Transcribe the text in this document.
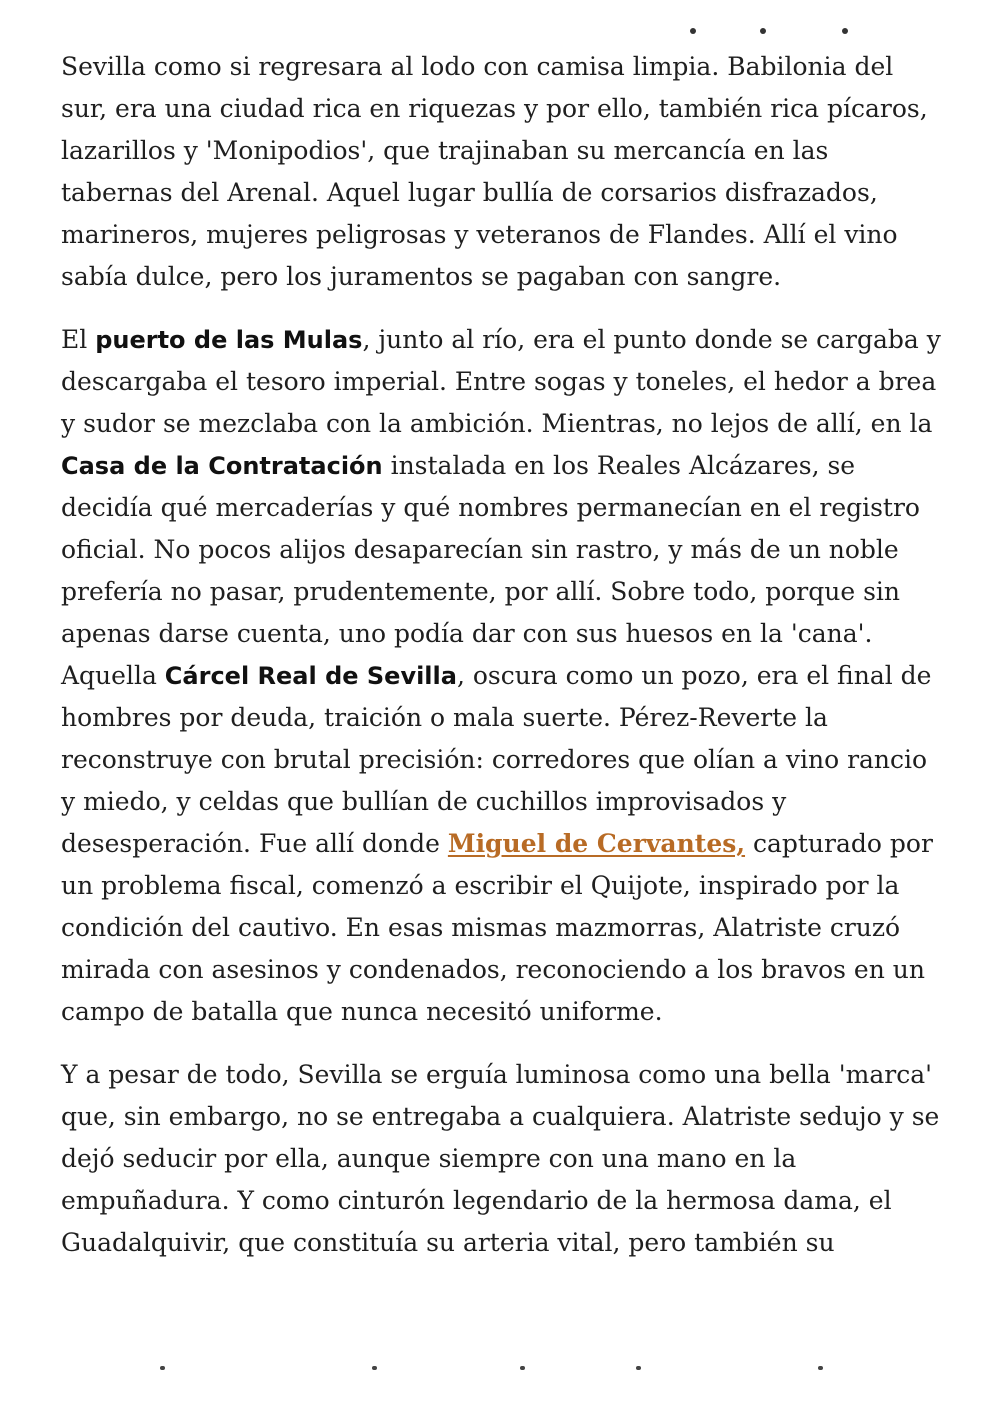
Sevilla como si regresara al lodo con camisa limpia. Babilonia del sur, era una ciudad rica en riquezas y por ello, también rica pícaros, lazarillos y 'Monipodios', que trajinaban su mercancía en las tabernas del Arenal. Aquel lugar bullía de corsarios disfrazados, marineros, mujeres peligrosas y veteranos de Flandes. Allí el vino sabía dulce, pero los juramentos se pagaban con sangre.

El puerto de las Mulas, junto al río, era el punto donde se cargaba y descargaba el tesoro imperial. Entre sogas y toneles, el hedor a brea y sudor se mezclaba con la ambición. Mientras, no lejos de allí, en la Casa de la Contratación instalada en los Reales Alcázares, se decidía qué mercaderías y qué nombres permanecían en el registro oficial. No pocos alijos desaparecían sin rastro, y más de un noble prefería no pasar, prudentemente, por allí. Sobre todo, porque sin apenas darse cuenta, uno podía dar con sus huesos en la 'cana'. Aquella Cárcel Real de Sevilla, oscura como un pozo, era el final de hombres por deuda, traición o mala suerte. Pérez-Reverte la reconstruye con brutal precisión: corredores que olían a vino rancio y miedo, y celdas que bullían de cuchillos improvisados y desesperación. Fue allí donde Miguel de Cervantes, capturado por un problema fiscal, comenzó a escribir el Quijote, inspirado por la condición del cautivo. En esas mismas mazmorras, Alatriste cruzó mirada con asesinos y condenados, reconociendo a los bravos en un campo de batalla que nunca necesitó uniforme.

Y a pesar de todo, Sevilla se erguía luminosa como una bella 'marca' que, sin embargo, no se entregaba a cualquiera. Alatriste sedujo y se dejó seducir por ella, aunque siempre con una mano en la empuñadura. Y como cinturón legendario de la hermosa dama, el Guadalquivir, que constituía su arteria vital, pero también su
